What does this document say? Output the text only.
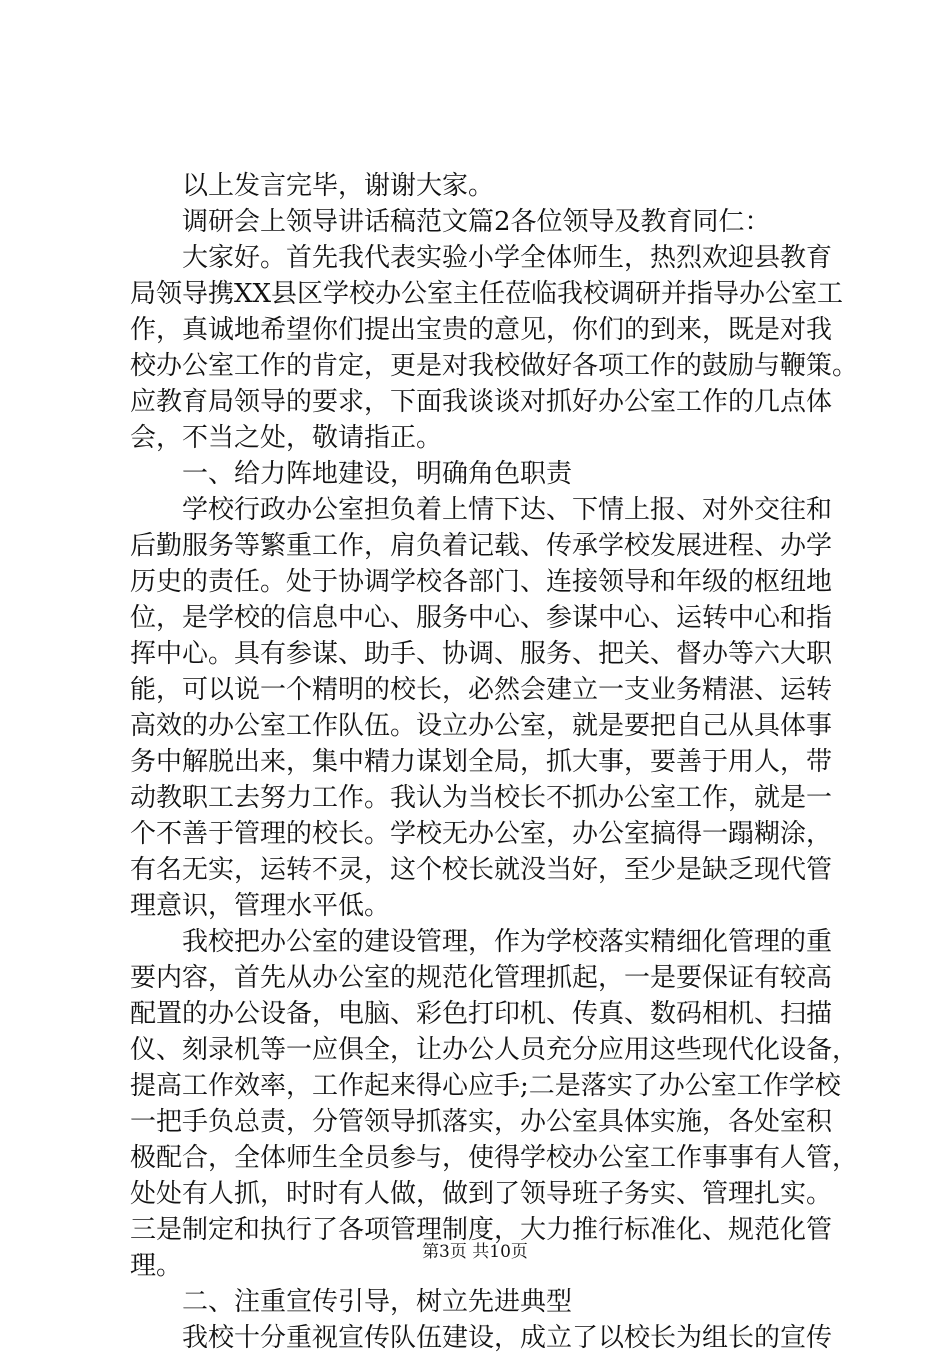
以上发言完毕，谢谢大家。
调研会上领导讲话稿范文篇2各位领导及教育同仁：
大家好。首先我代表实验小学全体师生，热烈欢迎县教育
局领导携XX县区学校办公室主任莅临我校调研并指导办公室工
作，真诚地希望你们提出宝贵的意见，你们的到来，既是对我
校办公室工作的肯定，更是对我校做好各项工作的鼓励与鞭策。
应教育局领导的要求，下面我谈谈对抓好办公室工作的几点体
会，不当之处，敬请指正。
一、给力阵地建设，明确角色职责
学校行政办公室担负着上情下达、下情上报、对外交往和
后勤服务等繁重工作，肩负着记载、传承学校发展进程、办学
历史的责任。处于协调学校各部门、连接领导和年级的枢纽地
位，是学校的信息中心、服务中心、参谋中心、运转中心和指
挥中心。具有参谋、助手、协调、服务、把关、督办等六大职
能，可以说一个精明的校长，必然会建立一支业务精湛、运转
高效的办公室工作队伍。设立办公室，就是要把自己从具体事
务中解脱出来，集中精力谋划全局，抓大事，要善于用人，带
动教职工去努力工作。我认为当校长不抓办公室工作，就是一
个不善于管理的校长。学校无办公室，办公室搞得一蹋糊涂，
有名无实，运转不灵，这个校长就没当好，至少是缺乏现代管
理意识，管理水平低。
我校把办公室的建设管理，作为学校落实精细化管理的重
要内容，首先从办公室的规范化管理抓起，一是要保证有较高
配置的办公设备，电脑、彩色打印机、传真、数码相机、扫描
仪、刻录机等一应俱全，让办公人员充分应用这些现代化设备，
提高工作效率，工作起来得心应手;二是落实了办公室工作学校
一把手负总责，分管领导抓落实，办公室具体实施，各处室积
极配合，全体师生全员参与，使得学校办公室工作事事有人管，
处处有人抓，时时有人做，做到了领导班子务实、管理扎实。
三是制定和执行了各项管理制度，大力推行标准化、规范化管
理。
二、注重宣传引导，树立先进典型
我校十分重视宣传队伍建设，成立了以校长为组长的宣传
第3页 共10页
